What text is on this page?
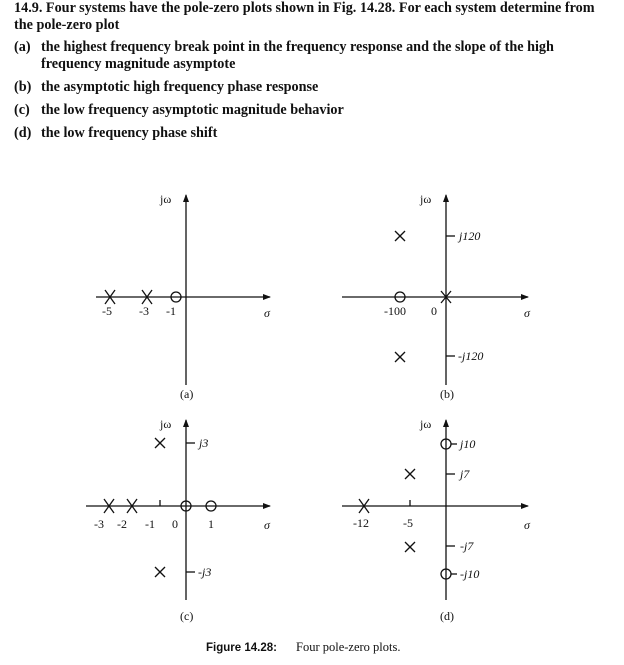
14.9. Four systems have the pole-zero plots shown in Fig. 14.28. For each system determine from the pole-zero plot
(a) the highest frequency break point in the frequency response and the slope of the high frequency magnitude asymptote
(b) the asymptotic high frequency phase response
(c) the low frequency asymptotic magnitude behavior
(d) the low frequency phase shift
jω
σ
-5 -3 -1
(a)
jω
σ
-100 0
j120
-j120
(b)
jω
σ
-3 -2 -1 0	1
j3
-j3
(c)
jω
σ
-12	-5
j10
j7
-j7
-j10
(d)
Figure 14.28: Four pole-zero plots.
